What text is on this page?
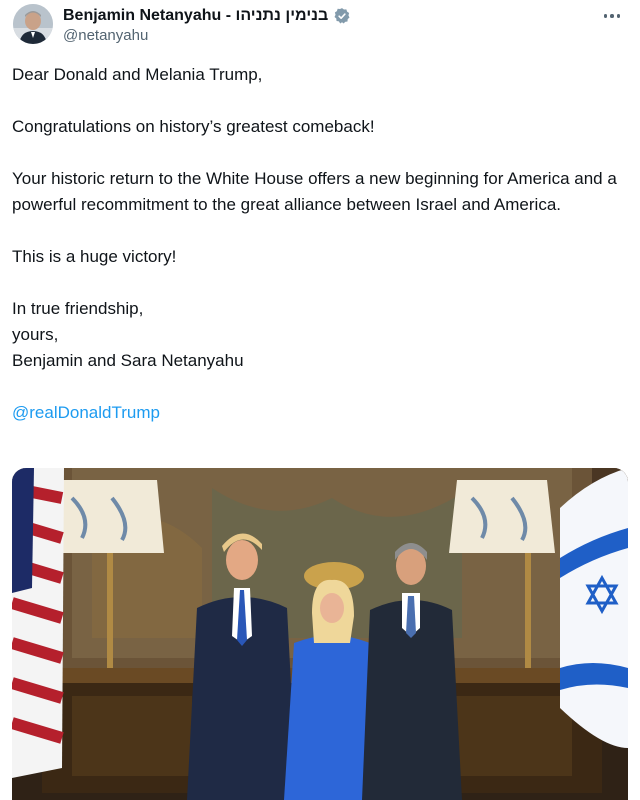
Benjamin Netanyahu - בנימין נתניהו
@netanyahu

Dear Donald and Melania Trump,

Congratulations on history’s greatest comeback!

Your historic return to the White House offers a new beginning for America and a powerful recommitment to the great alliance between Israel and America.

This is a huge victory!

In true friendship,

yours,

Benjamin and Sara Netanyahu

@realDonaldTrump
